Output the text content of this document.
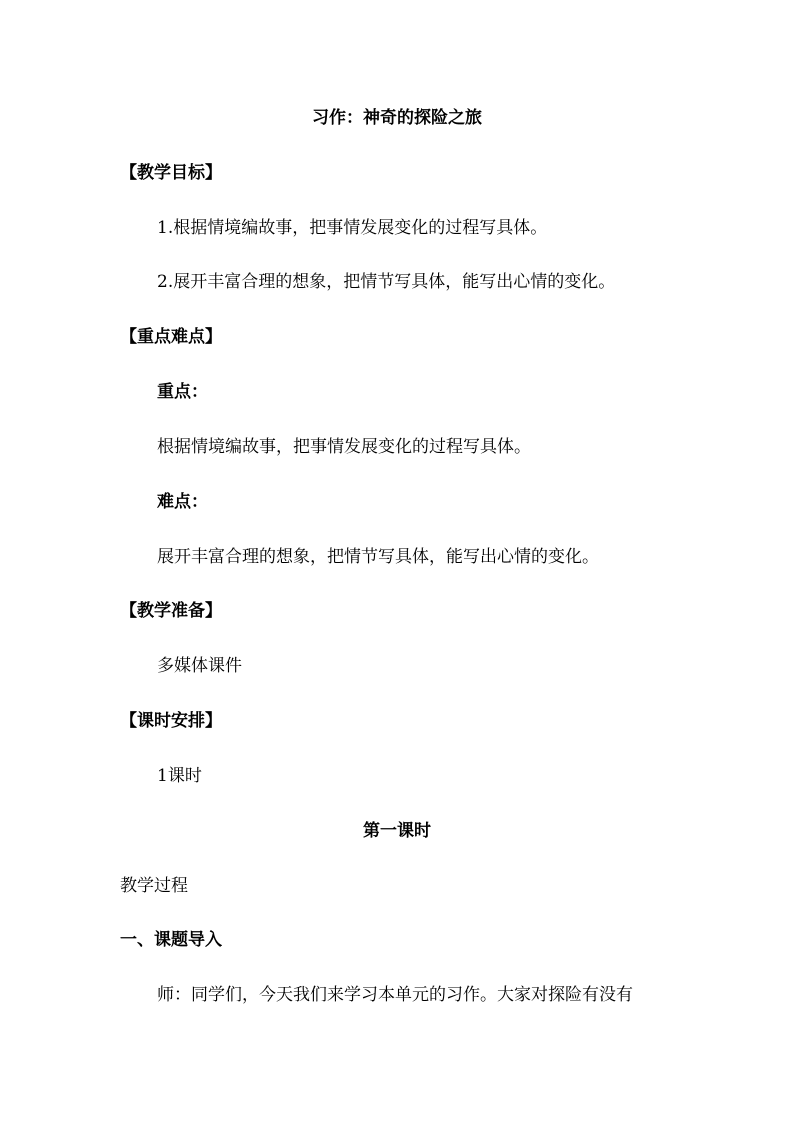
习作：神奇的探险之旅
【教学目标】
1.根据情境编故事，把事情发展变化的过程写具体。
2.展开丰富合理的想象，把情节写具体，能写出心情的变化。
【重点难点】
重点：
根据情境编故事，把事情发展变化的过程写具体。
难点：
展开丰富合理的想象，把情节写具体，能写出心情的变化。
【教学准备】
多媒体课件
【课时安排】
1课时
第一课时
教学过程
一、课题导入
师：同学们，今天我们来学习本单元的习作。大家对探险有没有
